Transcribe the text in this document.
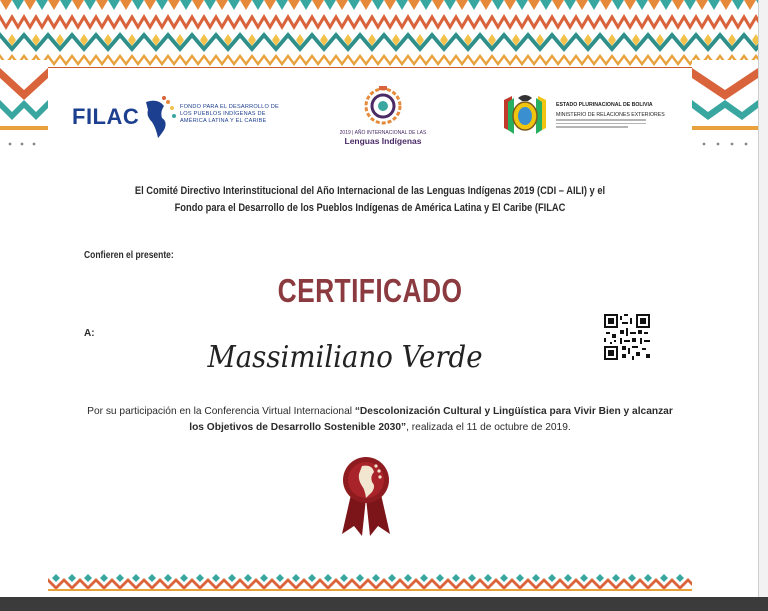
FILAC	FONDO PARA EL DESARROLLO DE LOS PUEBLOS INDÍGENAS DE AMÉRICA LATINA Y EL CARIBE
2019 | AÑO INTERNACIONAL DE LAS
Lenguas Indígenas
ESTADO PLURINACIONAL DE BOLIVIA
MINISTERIO DE RELACIONES EXTERIORES
El Comité Directivo Interinstitucional del Año Internacional de las Lenguas Indígenas 2019 (CDI – AILI) y el
Fondo para el Desarrollo de los Pueblos Indígenas de América Latina y El Caribe (FILAC
Confieren el presente:
CERTIFICADO
A:
Massimiliano Verde
Por su participación en la Conferencia Virtual Internacional “Descolonización Cultural y Lingüística para Vivir Bien y alcanzar los Objetivos de Desarrollo Sostenible 2030”, realizada el 11 de octubre de 2019.
